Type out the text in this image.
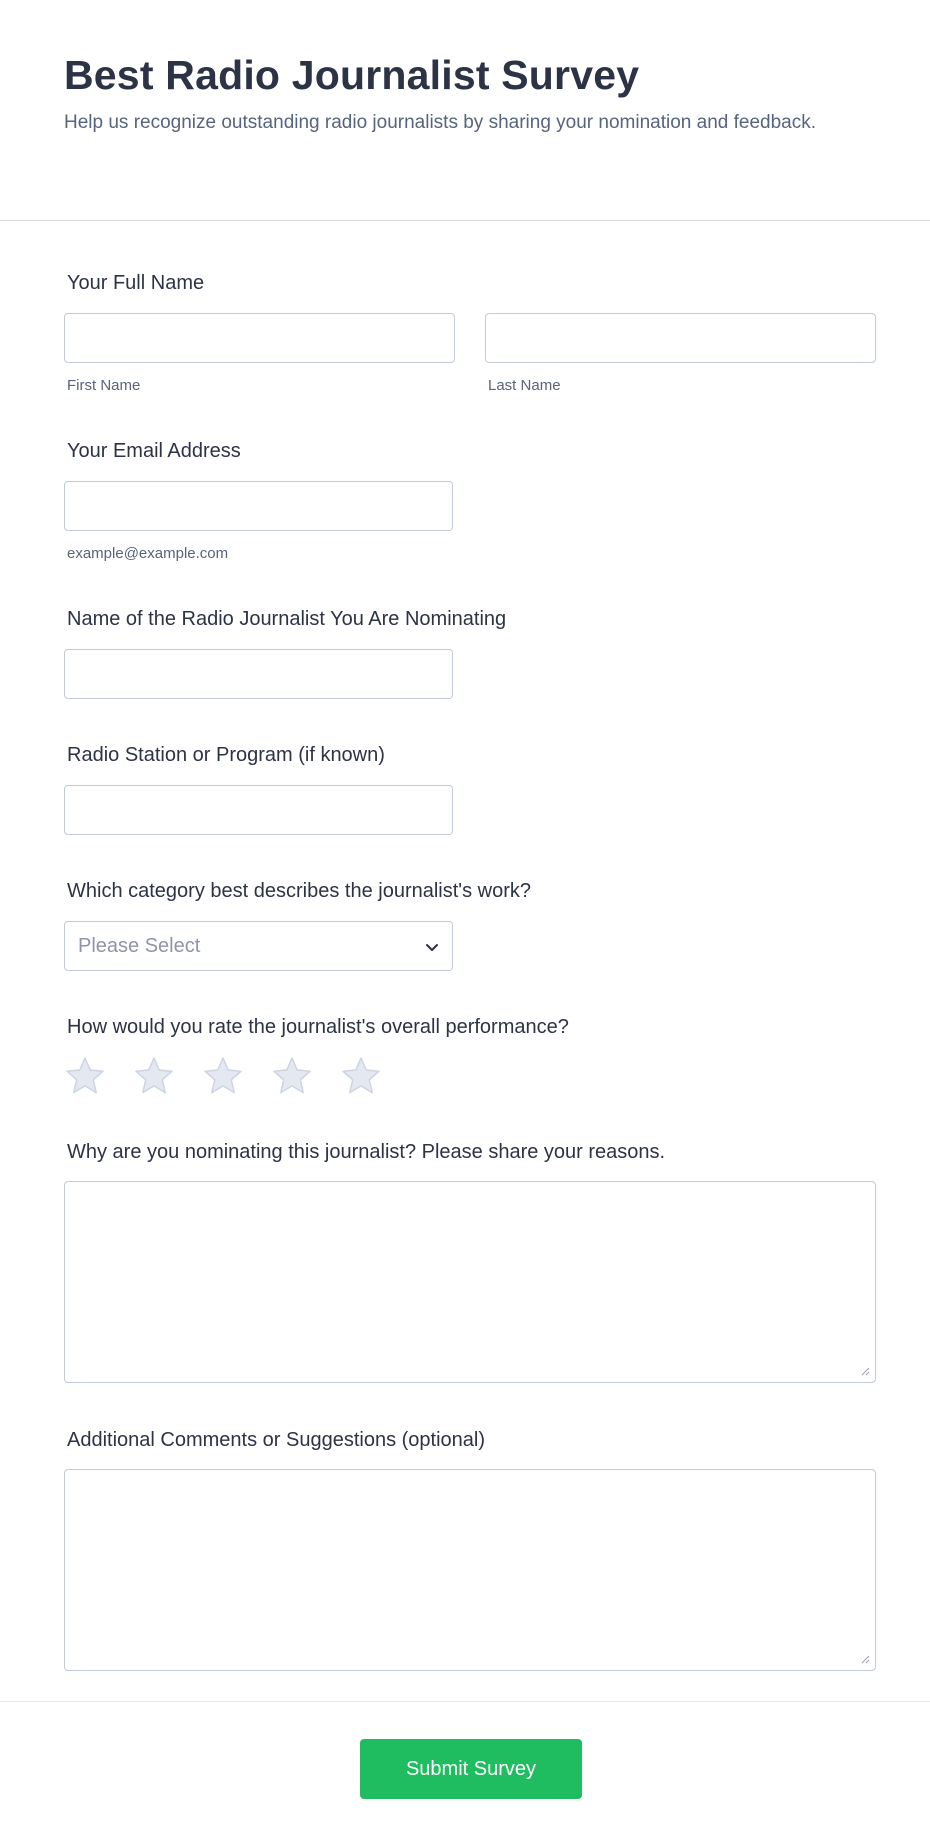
Best Radio Journalist Survey

Help us recognize outstanding radio journalists by sharing your nomination and feedback.

Your Full Name
First Name	Last Name
Your Email Address
example@example.com
Name of the Radio Journalist You Are Nominating
Radio Station or Program (if known)
Which category best describes the journalist's work?
Please Select
How would you rate the journalist's overall performance?
Why are you nominating this journalist? Please share your reasons.
Additional Comments or Suggestions (optional)
Submit Survey
